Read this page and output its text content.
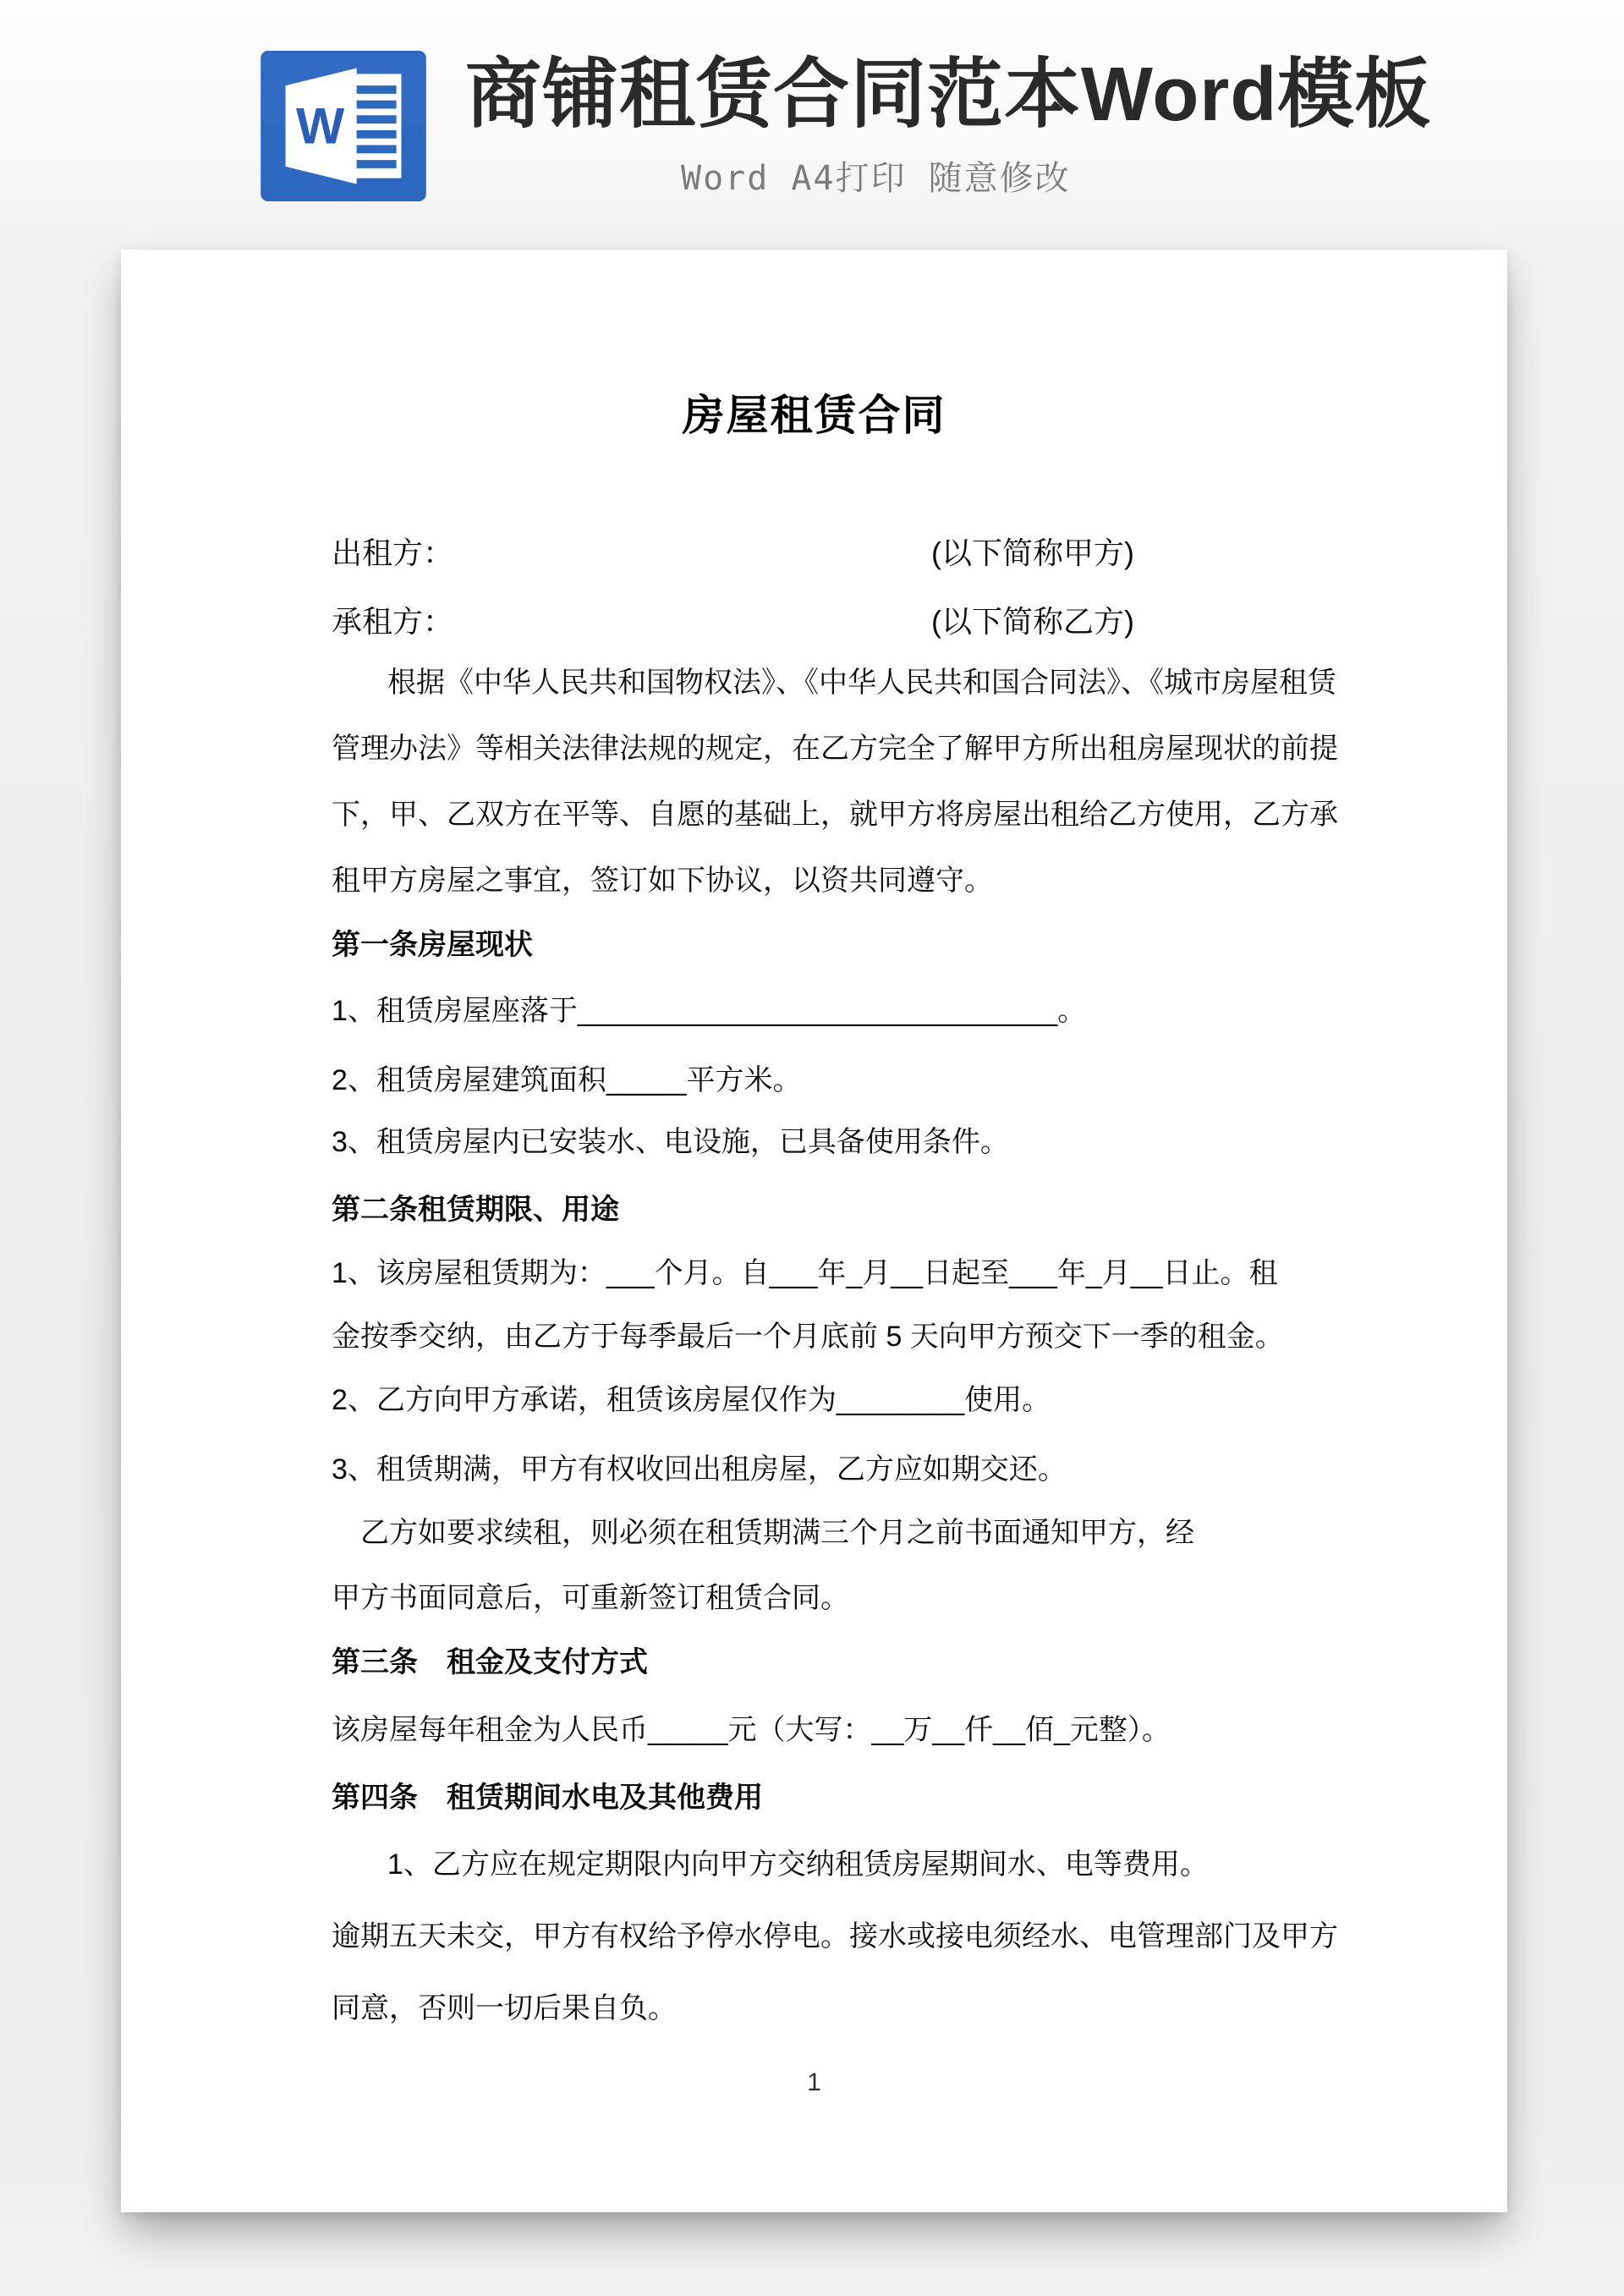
W 商铺租赁合同范本Word模板
Word A4打印 随意修改
房屋租赁合同
出租方：	(以下简称甲方)
承租方：	(以下简称乙方)
根据《中华人民共和国物权法》、《中华人民共和国合同法》、《城市房屋租赁
管理办法》等相关法律法规的规定，在乙方完全了解甲方所出租房屋现状的前提
下，甲、乙双方在平等、自愿的基础上，就甲方将房屋出租给乙方使用，乙方承
租甲方房屋之事宜，签订如下协议，以资共同遵守。
第一条房屋现状
1、租赁房屋座落于______________________________。
2、租赁房屋建筑面积_____平方米。
3、租赁房屋内已安装水、电设施，已具备使用条件。
第二条租赁期限、用途
1、该房屋租赁期为：___个月。自___年_月__日起至___年_月__日止。租
金按季交纳，由乙方于每季最后一个月底前 5 天向甲方预交下一季的租金。
2、乙方向甲方承诺，租赁该房屋仅作为________使用。
3、租赁期满，甲方有权收回出租房屋，乙方应如期交还。
乙方如要求续租，则必须在租赁期满三个月之前书面通知甲方，经
甲方书面同意后，可重新签订租赁合同。
第三条　租金及支付方式
该房屋每年租金为人民币_____元（大写：__万__仟__佰_元整）。
第四条　租赁期间水电及其他费用
1、乙方应在规定期限内向甲方交纳租赁房屋期间水、电等费用。
逾期五天未交，甲方有权给予停水停电。接水或接电须经水、电管理部门及甲方
同意，否则一切后果自负。
1
